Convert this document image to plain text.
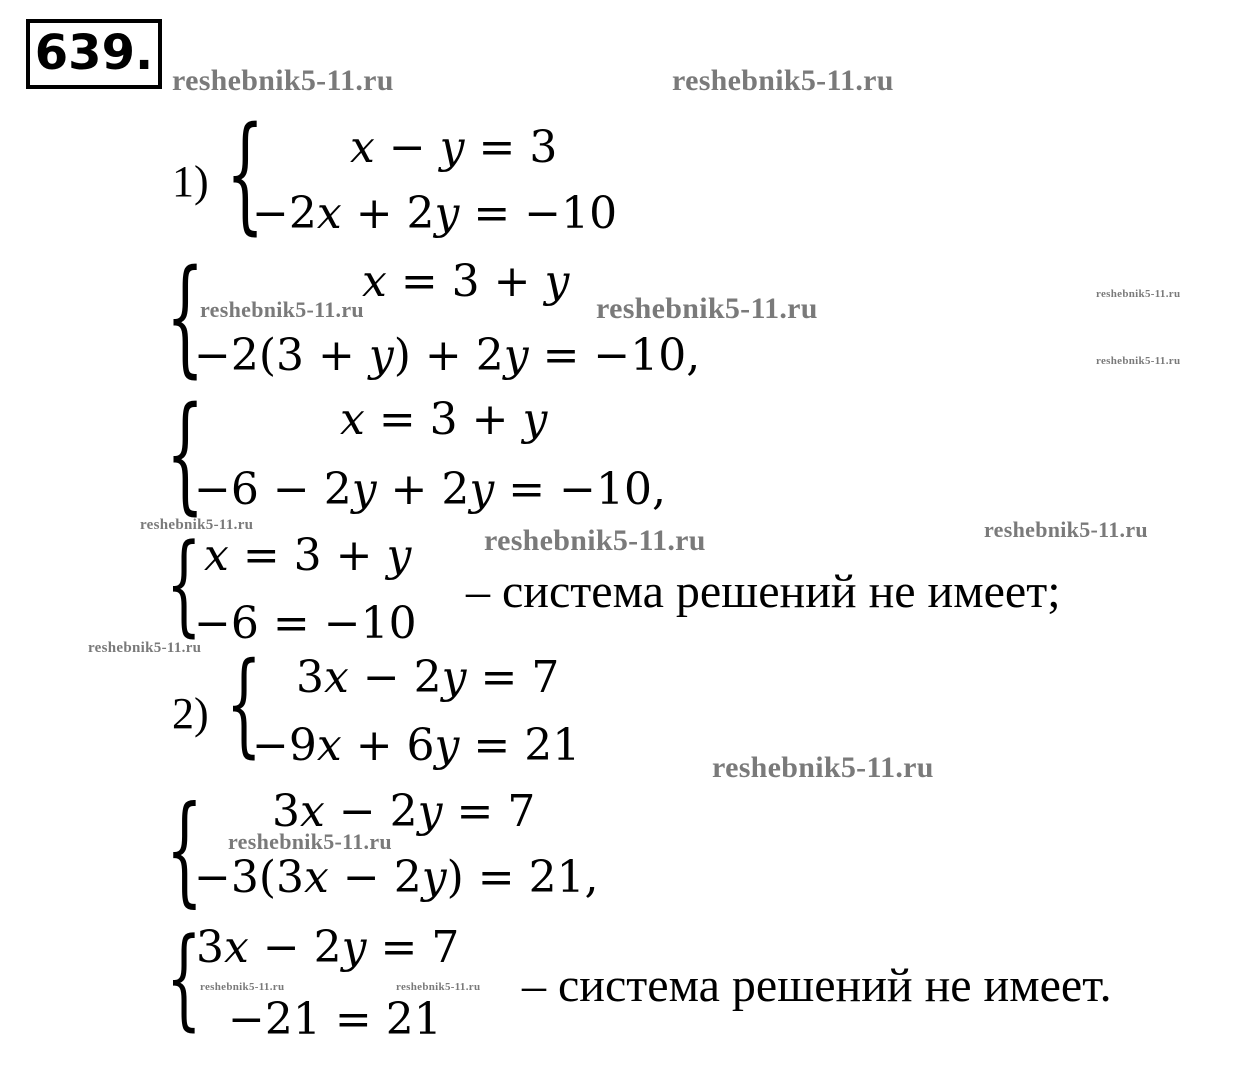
639. reshebnik5-11.ru	reshebnik5-11.ru
reshebnik5-11.ru	reshebnik5-11.ru	reshebnik5-11.ru
reshebnik5-11.ru
reshebnik5-11.ru	reshebnik5-11.ru	reshebnik5-11.ru
reshebnik5-11.ru
reshebnik5-11.ru
reshebnik5-11.ru
reshebnik5-11.ru	reshebnik5-11.ru
1) { x − y = 3
−2x + 2y = −10
{	x = 3 + y
−2(3 + y) + 2y = −10,
{	x = 3 + y
−6 − 2y + 2y = −10,
{ x = 3 + y
−6 = −10
– система решений не имеет;
2) { 3x − 2y = 7
−9x + 6y = 21
{ 3x − 2y = 7
−3(3x − 2y) = 21,
{
3x − 2y = 7
−21 = 21
– система решений не имеет.
